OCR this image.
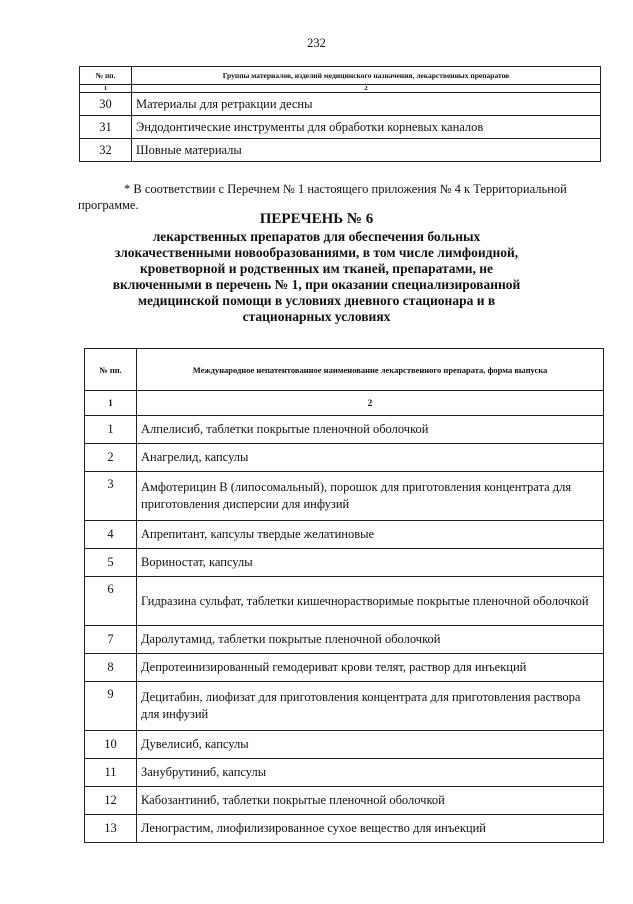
232
№ пп.	Группы материалов, изделий медицинского назначения, лекарственных препаратов
1	2
30	Материалы для ретракции десны
31	Эндодонтические инструменты для обработки корневых каналов
32	Шовные материалы
* В соответствии с Перечнем № 1 настоящего приложения № 4 к Территориальной программе.
ПЕРЕЧЕНЬ № 6
лекарственных препаратов для обеспечения больных злокачественными новообразованиями, в том числе лимфоидной, кроветворной и родственных им тканей, препаратами, не включенными в перечень № 1, при оказании специализированной медицинской помощи в условиях дневного стационара и в стационарных условиях
№ пп.	Международное непатентованное наименование лекарственного препарата, форма выпуска
1	2
1	Алпелисиб, таблетки покрытые пленочной оболочкой
2	Анагрелид, капсулы
3	Амфотерицин В (липосомальный), порошок для приготовления концентрата для приготовления дисперсии для инфузий
4	Апрепитант, капсулы твердые желатиновые
5	Вориностат, капсулы
6	Гидразина сульфат, таблетки кишечнорастворимые покрытые пленочной оболочкой
7	Даролутамид, таблетки покрытые пленочной оболочкой
8	Депротеинизированный гемодериват крови телят, раствор для инъекций
9	Децитабин, лиофизат для приготовления концентрата для приготовления раствора для инфузий
10	Дувелисиб, капсулы
11	Занубрутиниб, капсулы
12	Кабозантиниб, таблетки покрытые пленочной оболочкой
13	Ленограстим, лиофилизированное сухое вещество для инъекций
